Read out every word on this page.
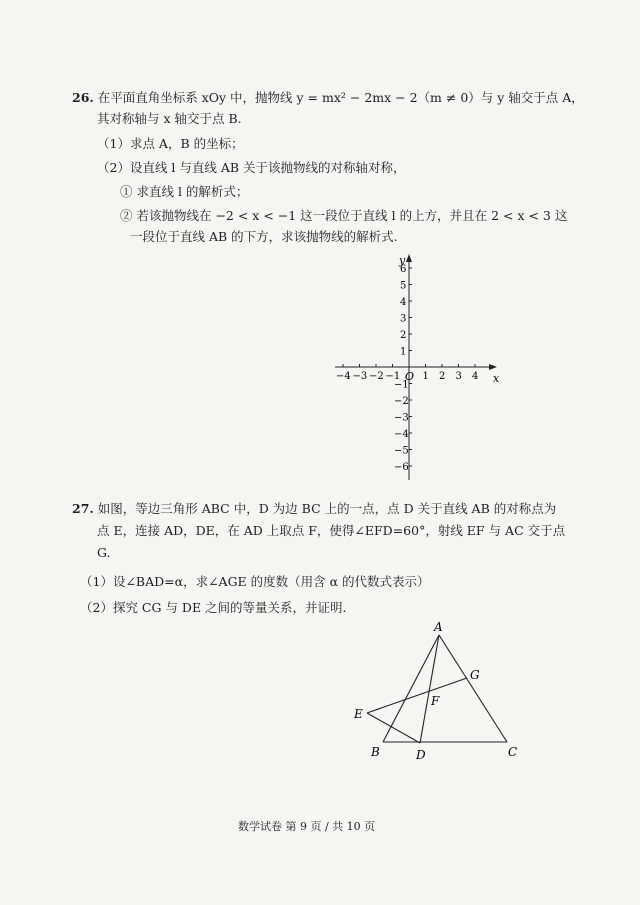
26. 在平面直角坐标系 xOy 中，抛物线 y = mx² − 2mx − 2（m ≠ 0）与 y 轴交于点 A，
其对称轴与 x 轴交于点 B.
（1）求点 A，B 的坐标；
（2）设直线 l 与直线 AB 关于该抛物线的对称轴对称，
① 求直线 l 的解析式；
② 若该抛物线在 −2 < x < −1 这一段位于直线 l 的上方，并且在 2 < x < 3 这
一段位于直线 AB 的下方，求该抛物线的解析式.
−4 −3 −2 −1 1 2 3 4
6
5
4
3
2
1
−1
−2
−3
−4
−5
−6
x
y
O
27. 如图，等边三角形 ABC 中，D 为边 BC 上的一点，点 D 关于直线 AB 的对称点为
点 E，连接 AD，DE，在 AD 上取点 F，使得∠EFD=60°，射线 EF 与 AC 交于点
G.
（1）设∠BAD=α，求∠AGE 的度数（用含 α 的代数式表示）
（2）探究 CG 与 DE 之间的等量关系，并证明.
A
B	C
D
E
F
G
数学试卷 第 9 页 / 共 10 页
